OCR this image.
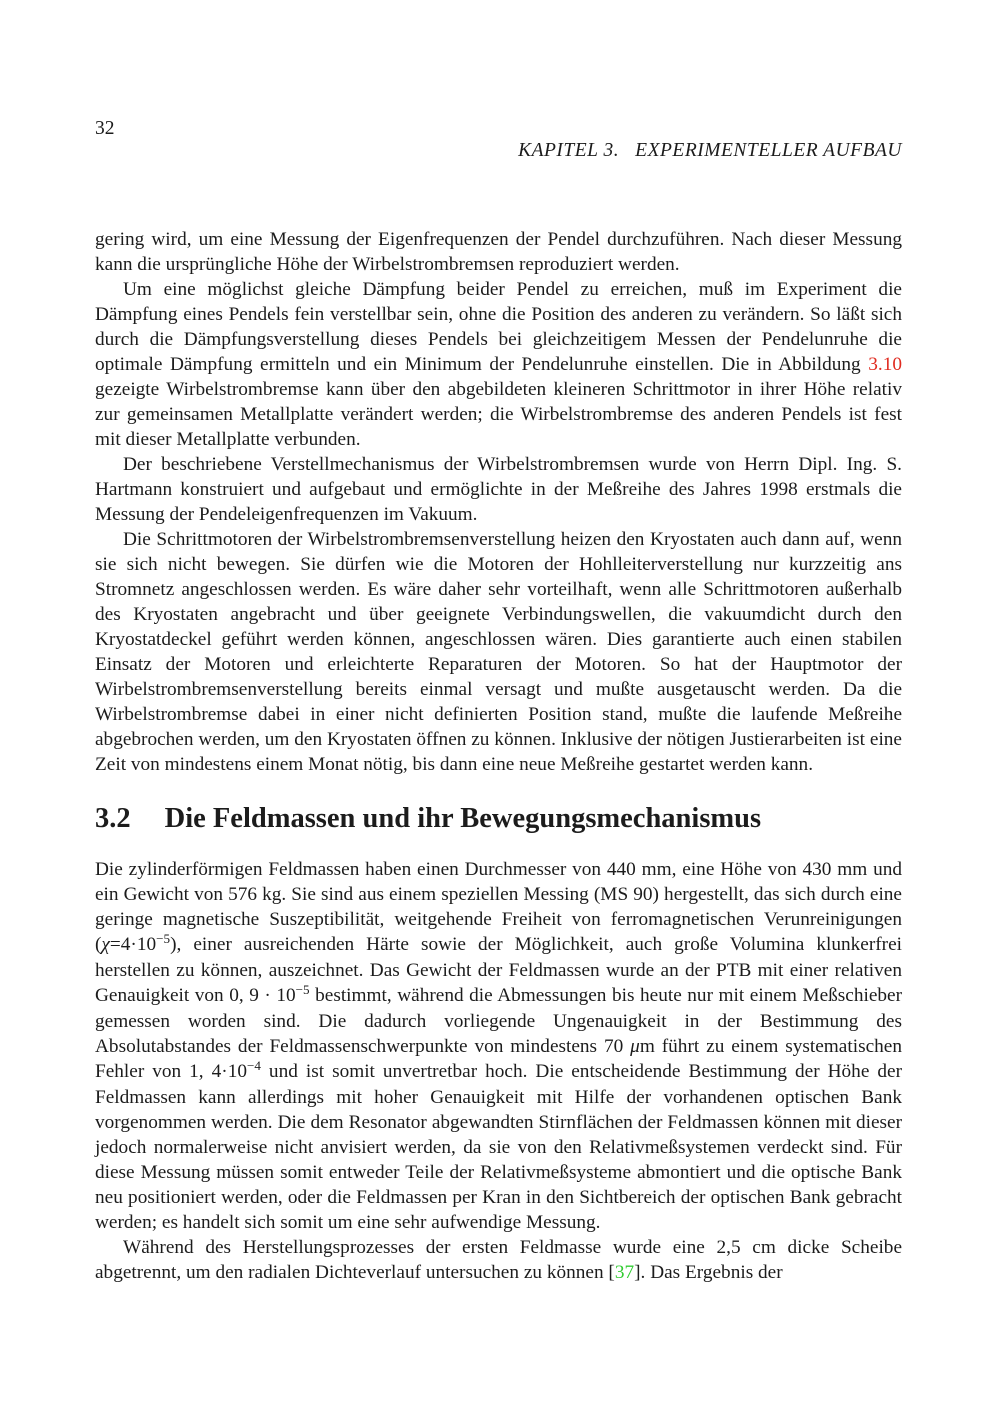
32

KAPITEL 3. EXPERIMENTELLER AUFBAU

gering wird, um eine Messung der Eigenfrequenzen der Pendel durchzuführen. Nach dieser Messung kann die ursprüngliche Höhe der Wirbelstrombremsen reproduziert werden.

Um eine möglichst gleiche Dämpfung beider Pendel zu erreichen, muß im Experiment die Dämpfung eines Pendels fein verstellbar sein, ohne die Position des anderen zu verändern. So läßt sich durch die Dämpfungsverstellung dieses Pendels bei gleichzeitigem Messen der Pendelunruhe die optimale Dämpfung ermitteln und ein Minimum der Pendelunruhe einstellen. Die in Abbildung 3.10 gezeigte Wirbelstrombremse kann über den abgebildeten kleineren Schrittmotor in ihrer Höhe relativ zur gemeinsamen Metallplatte verändert werden; die Wirbelstrombremse des anderen Pendels ist fest mit dieser Metallplatte verbunden.

Der beschriebene Verstellmechanismus der Wirbelstrombremsen wurde von Herrn Dipl. Ing. S. Hartmann konstruiert und aufgebaut und ermöglichte in der Meßreihe des Jahres 1998 erstmals die Messung der Pendeleigenfrequenzen im Vakuum.

Die Schrittmotoren der Wirbelstrombremsenverstellung heizen den Kryostaten auch dann auf, wenn sie sich nicht bewegen. Sie dürfen wie die Motoren der Hohlleiterverstellung nur kurzzeitig ans Stromnetz angeschlossen werden. Es wäre daher sehr vorteilhaft, wenn alle Schrittmotoren außerhalb des Kryostaten angebracht und über geeignete Verbindungswellen, die vakuumdicht durch den Kryostatdeckel geführt werden können, angeschlossen wären. Dies garantierte auch einen stabilen Einsatz der Motoren und erleichterte Reparaturen der Motoren. So hat der Hauptmotor der Wirbelstrombremsenverstellung bereits einmal versagt und mußte ausgetauscht werden. Da die Wirbelstrombremse dabei in einer nicht definierten Position stand, mußte die laufende Meßreihe abgebrochen werden, um den Kryostaten öffnen zu können. Inklusive der nötigen Justierarbeiten ist eine Zeit von mindestens einem Monat nötig, bis dann eine neue Meßreihe gestartet werden kann.

3.2 Die Feldmassen und ihr Bewegungsmechanismus

Die zylinderförmigen Feldmassen haben einen Durchmesser von 440 mm, eine Höhe von 430 mm und ein Gewicht von 576 kg. Sie sind aus einem speziellen Messing (MS 90) hergestellt, das sich durch eine geringe magnetische Suszeptibilität, weitgehende Freiheit von ferromagnetischen Verunreinigungen $(\chi=4\cdot 10^{-5})$, einer ausreichenden Härte sowie der Möglichkeit, auch große Volumina klunkerfrei herstellen zu können, auszeichnet. Das Gewicht der Feldmassen wurde an der PTB mit einer relativen Genauigkeit von 0, $9 \cdot 10^{-5}$ bestimmt, während die Abmessungen bis heute nur mit einem Meßschieber gemessen worden sind. Die dadurch vorliegende Ungenauigkeit in der Bestimmung des Absolutabstandes der Feldmassenschwerpunkte von mindestens 70 μm führt zu einem systematischen Fehler von 1, $4\cdot 10^{-4}$ und ist somit unvertretbar hoch. Die entscheidende Bestimmung der Höhe der Feldmassen kann allerdings mit hoher Genauigkeit mit Hilfe der vorhandenen optischen Bank vorgenommen werden. Die dem Resonator abgewandten Stirnflächen der Feldmassen können mit dieser jedoch normalerweise nicht anvisiert werden, da sie von den Relativmeßsystemen verdeckt sind. Für diese Messung müssen somit entweder Teile der Relativmeßsysteme abmontiert und die optische Bank neu positioniert werden, oder die Feldmassen per Kran in den Sichtbereich der optischen Bank gebracht werden; es handelt sich somit um eine sehr aufwendige Messung.

Während des Herstellungsprozesses der ersten Feldmasse wurde eine 2,5 cm dicke Scheibe abgetrennt, um den radialen Dichteverlauf untersuchen zu können [37]. Das Ergebnis der
